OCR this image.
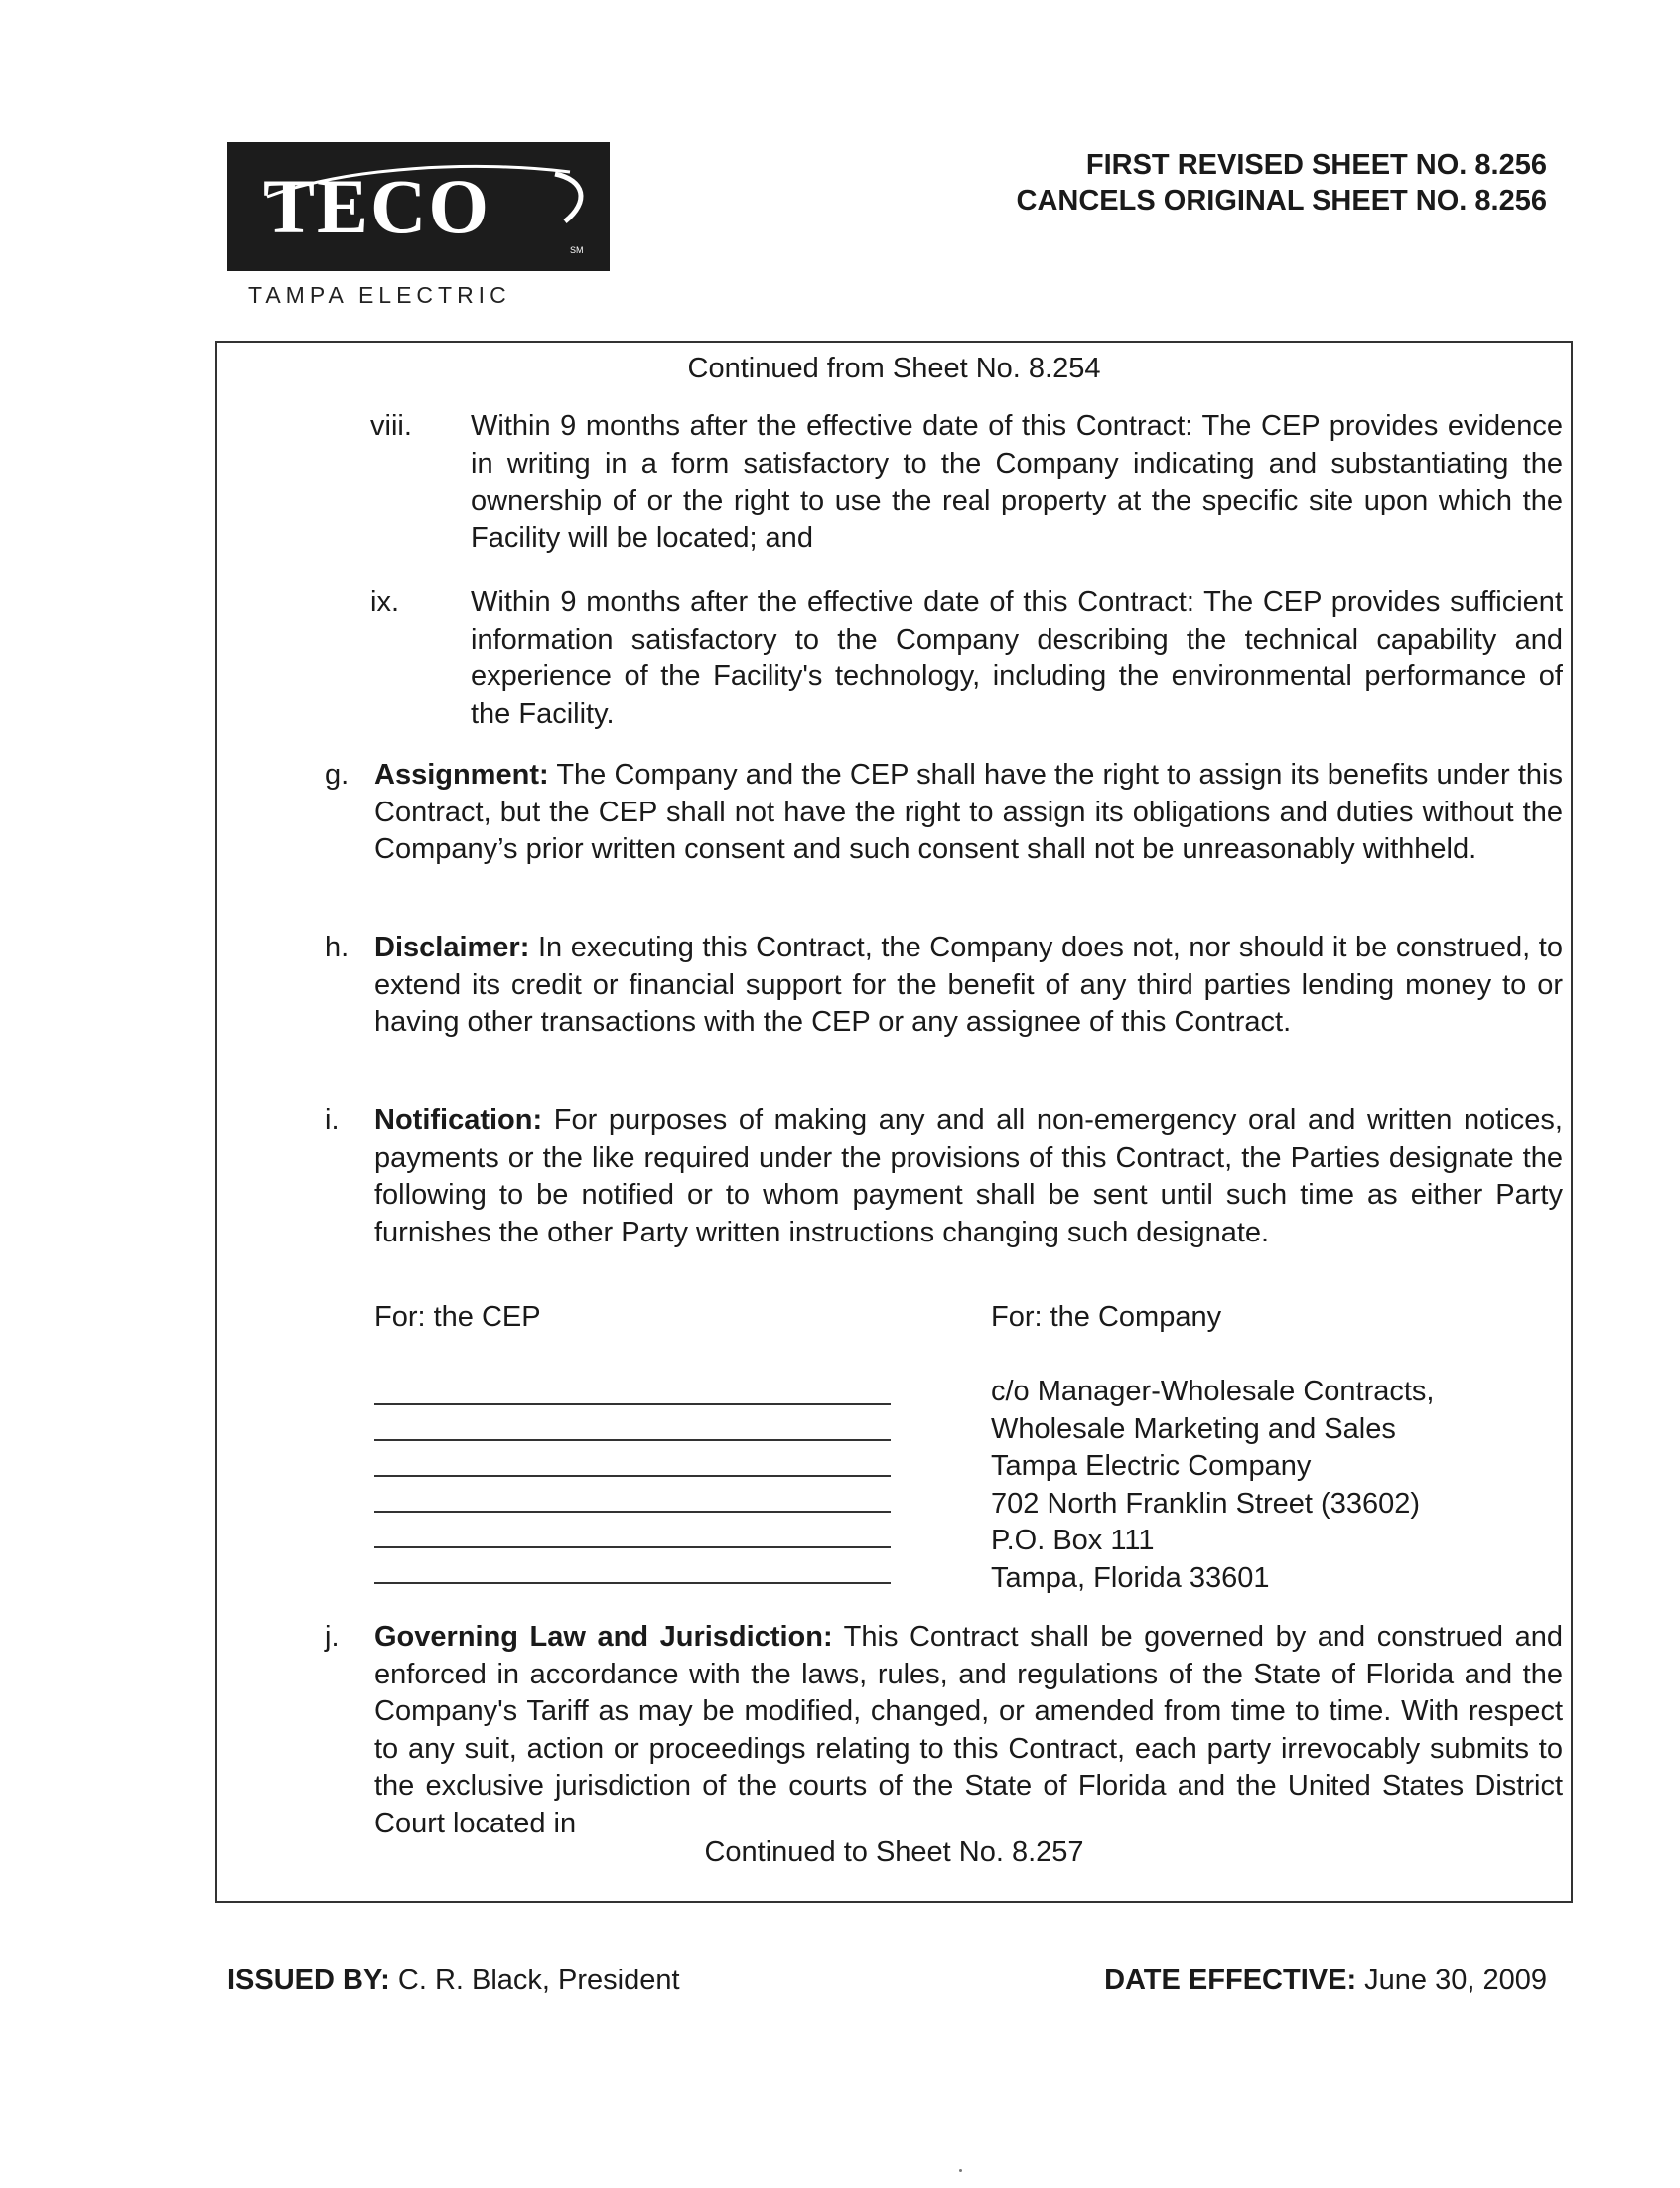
SM
TECO
TAMPA ELECTRIC
FIRST REVISED SHEET NO. 8.256
CANCELS ORIGINAL SHEET NO. 8.256
Continued from Sheet No. 8.254
viii. Within 9 months after the effective date of this Contract: The CEP provides evidence in writing in a form satisfactory to the Company indicating and substantiating the ownership of or the right to use the real property at the specific site upon which the Facility will be located; and

ix. Within 9 months after the effective date of this Contract: The CEP provides sufficient information satisfactory to the Company describing the technical capability and experience of the Facility's technology, including the environmental performance of the Facility.

g. Assignment: The Company and the CEP shall have the right to assign its benefits under this Contract, but the CEP shall not have the right to assign its obligations and duties without the Company’s prior written consent and such consent shall not be unreasonably withheld.

h. Disclaimer: In executing this Contract, the Company does not, nor should it be construed, to extend its credit or financial support for the benefit of any third parties lending money to or having other transactions with the CEP or any assignee of this Contract.

i. Notification: For purposes of making any and all non-emergency oral and written notices, payments or the like required under the provisions of this Contract, the Parties designate the following to be notified or to whom payment shall be sent until such time as either Party furnishes the other Party written instructions changing such designate.

For: the CEP	For: the Company
c/o Manager-Wholesale Contracts,
Wholesale Marketing and Sales
Tampa Electric Company
702 North Franklin Street (33602)
P.O. Box 111
Tampa, Florida 33601
j. Governing Law and Jurisdiction: This Contract shall be governed by and construed and enforced in accordance with the laws, rules, and regulations of the State of Florida and the Company's Tariff as may be modified, changed, or amended from time to time. With respect to any suit, action or proceedings relating to this Contract, each party irrevocably submits to the exclusive jurisdiction of the courts of the State of Florida and the United States District Court located in

Continued to Sheet No. 8.257
ISSUED BY: C. R. Black, President	DATE EFFECTIVE: June 30, 2009
